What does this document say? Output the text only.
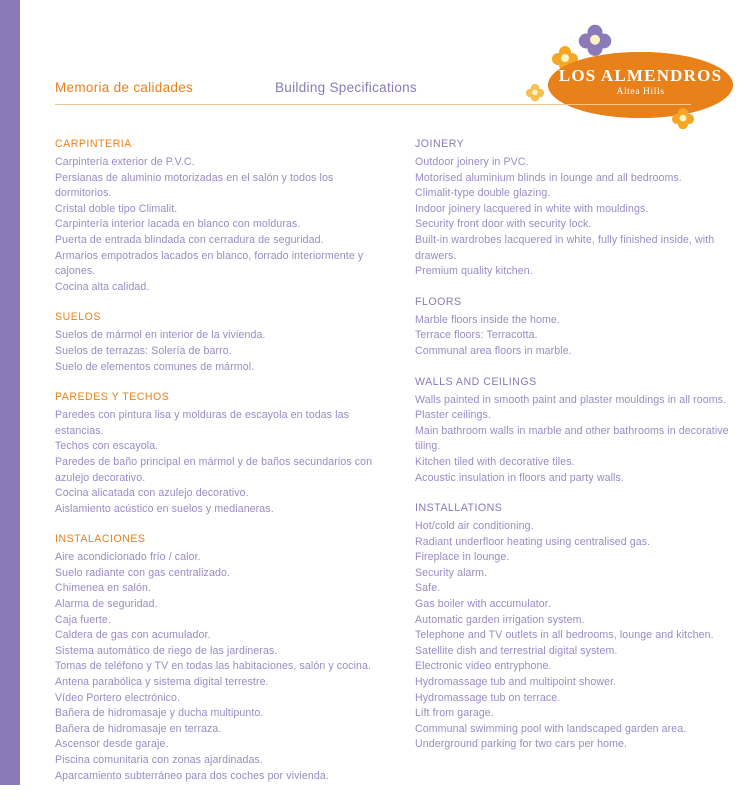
LOS ALMENDROS
Altea Hills
Memoria de calidades	Building Specifications
CARPINTERIA
Carpintería exterior de P.V.C.
Persianas de aluminio motorizadas en el salón y todos los dormitorios.
Cristal doble tipo Climalit.
Carpintería interior lacada en blanco con molduras.
Puerta de entrada blindada con cerradura de seguridad.
Armarios empotrados lacados en blanco, forrado interiormente y
cajones.
Cocina alta calidad.
SUELOS
Suelos de mármol en interior de la vivienda.
Suelos de terrazas: Solería de barro.
Suelo de elementos comunes de mármol.
PAREDES Y TECHOS
Paredes con pintura lisa y molduras de escayola en todas las estancias.
Techos con escayola.
Paredes de baño principal en mármol y de baños secundarios con
azulejo decorativo.
Cocina alicatada con azulejo decorativo.
Aislamiento acústico en suelos y medianeras.
INSTALACIONES
Aire acondicionado frío / calor.
Suelo radiante con gas centralizado.
Chimenea en salón.
Alarma de seguridad.
Caja fuerte.
Caldera de gas con acumulador.
Sistema automático de riego de las jardineras.
Tomas de teléfono y TV en todas las habitaciones, salón y cocina.
Antena parabólica y sistema digital terrestre.
Vídeo Portero electrónico.
Bañera de hidromasaje y ducha multipunto.
Bañera de hidromasaje en terraza.
Ascensor desde garaje.
Piscina comunitaria con zonas ajardinadas.
Aparcamiento subterráneo para dos coches por vivienda.
JOINERY
Outdoor joinery in PVC.
Motorised aluminium blinds in lounge and all bedrooms.
Climalit-type double glazing.
Indoor joinery lacquered in white with mouldings.
Security front door with security lock.
Built-in wardrobes lacquered in white, fully finished inside, with
drawers.
Premium quality kitchen.
FLOORS
Marble floors inside the home.
Terrace floors: Terracotta.
Communal area floors in marble.
WALLS AND CEILINGS
Walls painted in smooth paint and plaster mouldings in all rooms.
Plaster ceilings.
Main bathroom walls in marble and other bathrooms in decorative
tiling.
Kitchen tiled with decorative tiles.
Acoustic insulation in floors and party walls.
INSTALLATIONS
Hot/cold air conditioning.
Radiant underfloor heating using centralised gas.
Fireplace in lounge.
Security alarm.
Safe.
Gas boiler with accumulator.
Automatic garden irrigation system.
Telephone and TV outlets in all bedrooms, lounge and kitchen.
Satellite dish and terrestrial digital system.
Electronic video entryphone.
Hydromassage tub and multipoint shower.
Hydromassage tub on terrace.
Lift from garage.
Communal swimming pool with landscaped garden area.
Underground parking for two cars per home.
